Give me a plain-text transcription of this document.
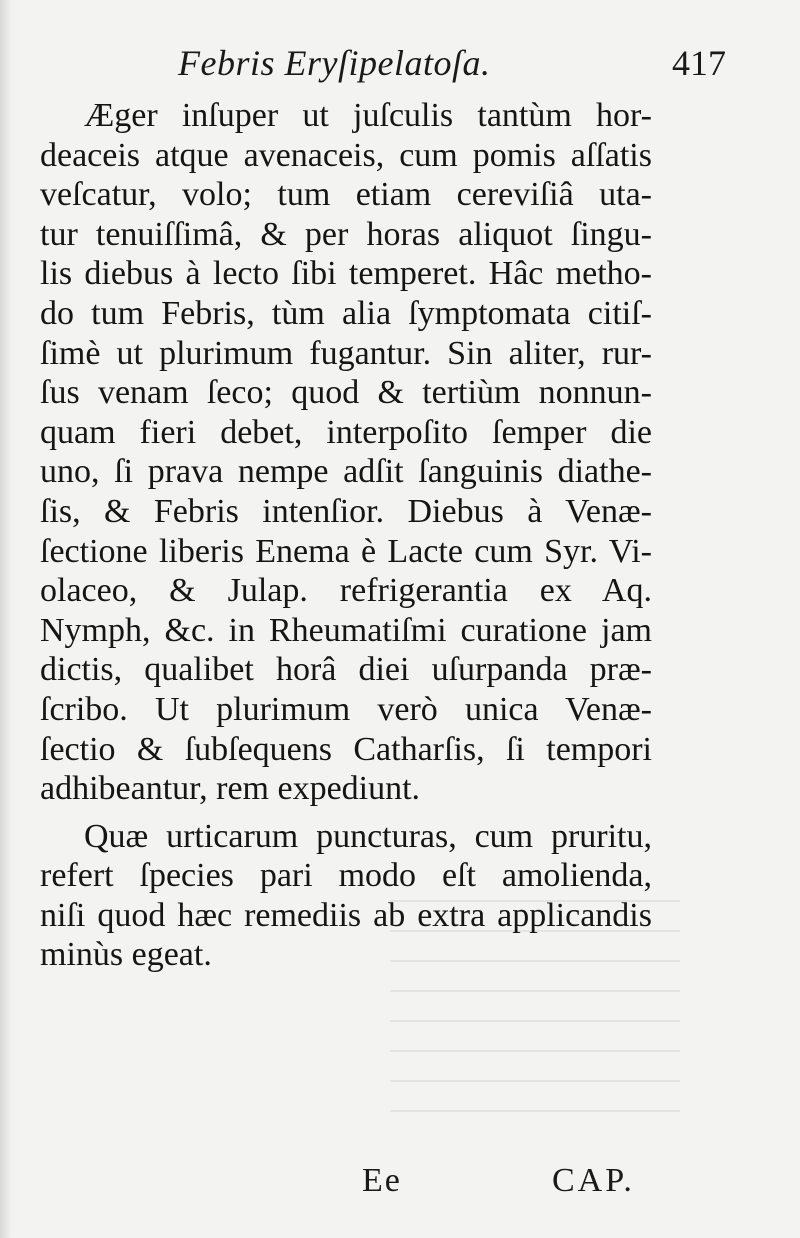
Febris Eryſipelatoſa.	417
Æger inſuper ut juſculis tantùm hor-
deaceis atque avenaceis, cum pomis aſſatis
veſcatur, volo; tum etiam cereviſiâ uta-
tur tenuiſſimâ, & per horas aliquot ſingu-
lis diebus à lecto ſibi temperet. Hâc metho-
do tum Febris, tùm alia ſymptomata citiſ-
ſimè ut plurimum fugantur. Sin aliter, rur-
ſus venam ſeco; quod & tertiùm nonnun-
quam fieri debet, interpoſito ſemper die
uno, ſi prava nempe adſit ſanguinis diathe-
ſis, & Febris intenſior. Diebus à Venæ-
ſectione liberis Enema è Lacte cum Syr. Vi-
olaceo, & Julap. refrigerantia ex Aq.
Nymph, &c. in Rheumatiſmi curatione jam
dictis, qualibet horâ diei uſurpanda præ-
ſcribo. Ut plurimum verò unica Venæ-
ſectio & ſubſequens Catharſis, ſi tempori
adhibeantur, rem expediunt.
Quæ urticarum puncturas, cum pruritu,
refert ſpecies pari modo eſt amolienda,
niſi quod hæc remediis ab extra applicandis
minùs egeat.
Ee	CAP.
